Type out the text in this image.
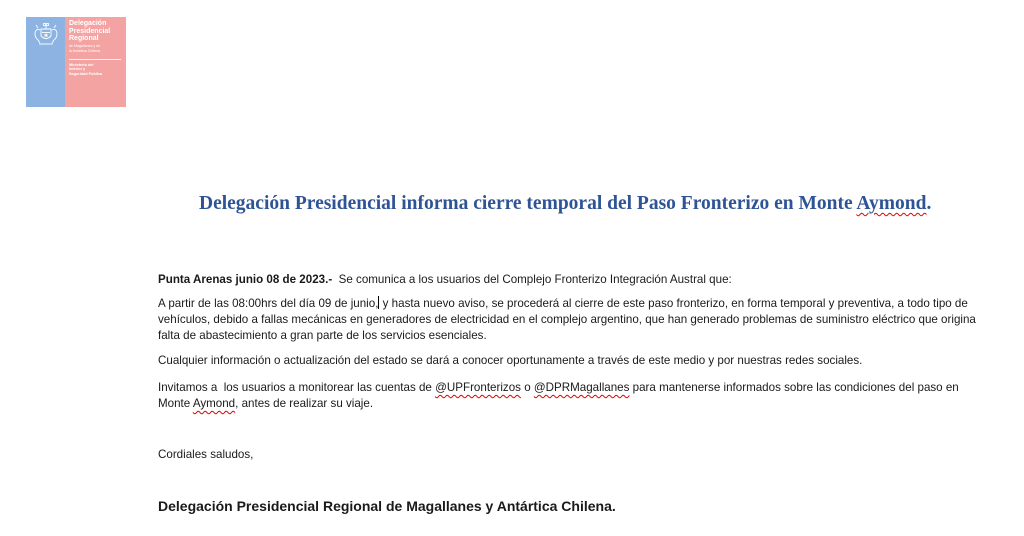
Delegación
Presidencial
Regional
de Magallanes y de
la Antártica Chilena
Ministerio del
Interior y
Seguridad Pública
Delegación Presidencial informa cierre temporal del Paso Fronterizo en Monte Aymond.
Punta Arenas junio 08 de 2023.-  Se comunica a los usuarios del Complejo Fronterizo Integración Austral que:
A partir de las 08:00hrs del día 09 de junio, y hasta nuevo aviso, se procederá al cierre de este paso fronterizo, en forma temporal y preventiva, a todo tipo de vehículos, debido a fallas mecánicas en generadores de electricidad en el complejo argentino, que han generado problemas de suministro eléctrico que origina falta de abastecimiento a gran parte de los servicios esenciales.
Cualquier información o actualización del estado se dará a conocer oportunamente a través de este medio y por nuestras redes sociales.
Invitamos a  los usuarios a monitorear las cuentas de @UPFronterizos o @DPRMagallanes para mantenerse informados sobre las condiciones del paso en Monte Aymond, antes de realizar su viaje.
Cordiales saludos,
Delegación Presidencial Regional de Magallanes y Antártica Chilena.
